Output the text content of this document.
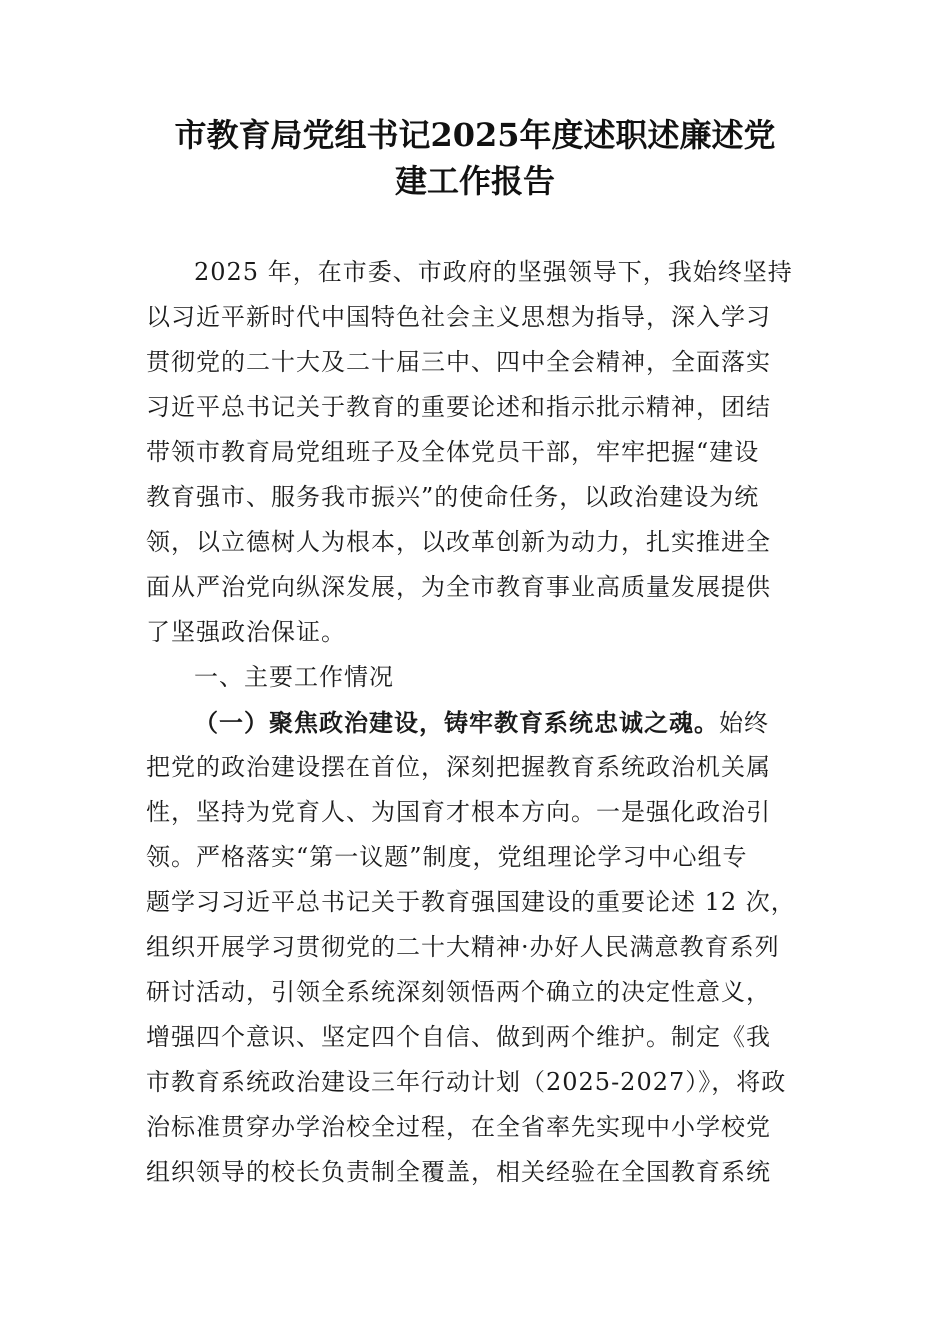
市教育局党组书记2025年度述职述廉述党
建工作报告
2025 年，在市委、市政府的坚强领导下，我始终坚持
以习近平新时代中国特色社会主义思想为指导，深入学习
贯彻党的二十大及二十届三中、四中全会精神，全面落实
习近平总书记关于教育的重要论述和指示批示精神，团结
带领市教育局党组班子及全体党员干部，牢牢把握“建设
教育强市、服务我市振兴”的使命任务，以政治建设为统
领，以立德树人为根本，以改革创新为动力，扎实推进全
面从严治党向纵深发展，为全市教育事业高质量发展提供
了坚强政治保证。
一、主要工作情况
（一）聚焦政治建设，铸牢教育系统忠诚之魂。始终
把党的政治建设摆在首位，深刻把握教育系统政治机关属
性，坚持为党育人、为国育才根本方向。一是强化政治引
领。严格落实“第一议题”制度，党组理论学习中心组专
题学习习近平总书记关于教育强国建设的重要论述 12 次，
组织开展学习贯彻党的二十大精神·办好人民满意教育系列
研讨活动，引领全系统深刻领悟两个确立的决定性意义，
增强四个意识、坚定四个自信、做到两个维护。制定《我
市教育系统政治建设三年行动计划（2025-2027）》，将政
治标准贯穿办学治校全过程，在全省率先实现中小学校党
组织领导的校长负责制全覆盖，相关经验在全国教育系统
